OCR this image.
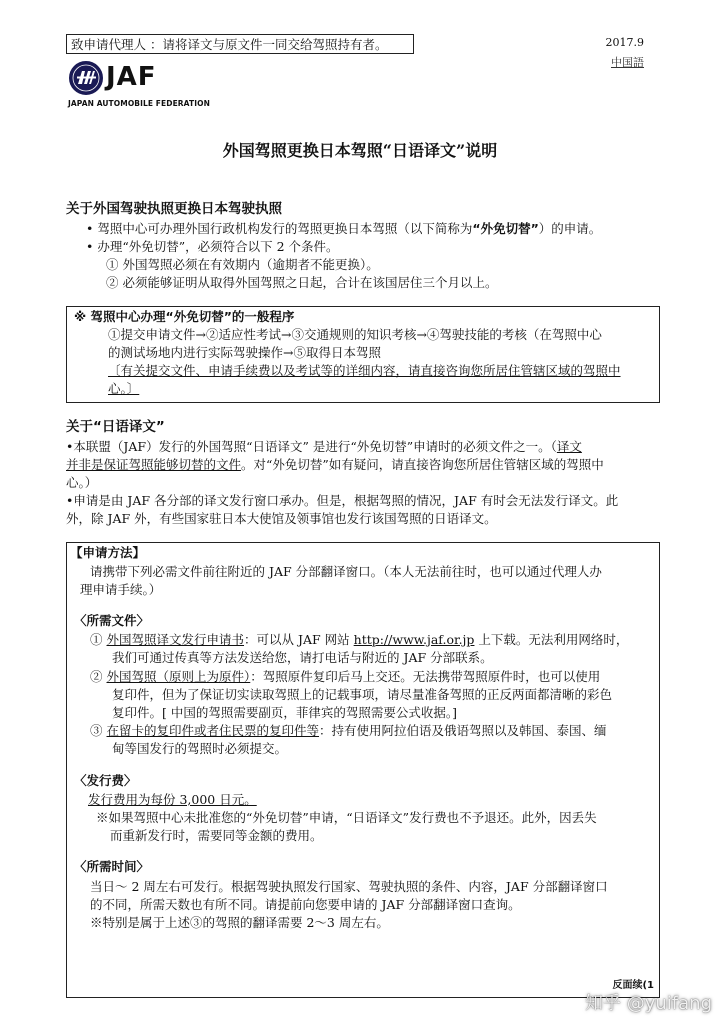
致申请代理人 ：请将译文与原文件一同交给驾照持有者。	2017.9
中国語
JAF
JAPAN AUTOMOBILE FEDERATION
外国驾照更换日本驾照“日语译文”说明
关于外国驾驶执照更换日本驾驶执照
• 驾照中心可办理外国行政机构发行的驾照更换日本驾照（以下简称为“外免切替”）的申请。
• 办理“外免切替”，必须符合以下 2 个条件。
① 外国驾照必须在有效期内（逾期者不能更换）。
② 必须能够证明从取得外国驾照之日起，合计在该国居住三个月以上。
※ 驾照中心办理“外免切替”的一般程序
①提交申请文件→②适应性考试→③交通规则的知识考核→④驾驶技能的考核（在驾照中心
的测试场地内进行实际驾驶操作→⑤取得日本驾照
〔有关提交文件、申请手续费以及考试等的详细内容，请直接咨询您所居住管辖区域的驾照中
心。〕
关于“日语译文”
•本联盟（JAF）发行的外国驾照“日语译文” 是进行“外免切替”申请时的必须文件之一。（译文
并非是保证驾照能够切替的文件。对“外免切替”如有疑问，请直接咨询您所居住管辖区域的驾照中
心。）
•申请是由 JAF 各分部的译文发行窗口承办。但是，根据驾照的情况，JAF 有时会无法发行译文。此
外，除 JAF 外，有些国家驻日本大使馆及领事馆也发行该国驾照的日语译文。
【申请方法】
请携带下列必需文件前往附近的 JAF 分部翻译窗口。（本人无法前往时，也可以通过代理人办
理申请手续。）
〈所需文件〉
① 外国驾照译文发行申请书：可以从 JAF 网站 http://www.jaf.or.jp 上下载。无法利用网络时，
我们可通过传真等方法发送给您，请打电话与附近的 JAF 分部联系。
② 外国驾照（原则上为原件）：驾照原件复印后马上交还。无法携带驾照原件时，也可以使用
复印件，但为了保证切实读取驾照上的记载事项，请尽量准备驾照的正反两面都清晰的彩色
复印件。[ 中国的驾照需要副页，菲律宾的驾照需要公式收据。]
③ 在留卡的复印件或者住民票的复印件等：持有使用阿拉伯语及俄语驾照以及韩国、泰国、缅
甸等国发行的驾照时必须提交。
〈发行费〉
发行费用为每份 3,000 日元。
※如果驾照中心未批准您的“外免切替”申请，“日语译文”发行费也不予退还。此外，因丢失
而重新发行时，需要同等金额的费用。
〈所需时间〉
当日～ 2 周左右可发行。根据驾驶执照发行国家、驾驶执照的条件、内容，JAF 分部翻译窗口
的不同，所需天数也有所不同。请提前向您要申请的 JAF 分部翻译窗口查询。
※特别是属于上述③的驾照的翻译需要 2～3 周左右。
反面续(1
知乎 @yuifang
